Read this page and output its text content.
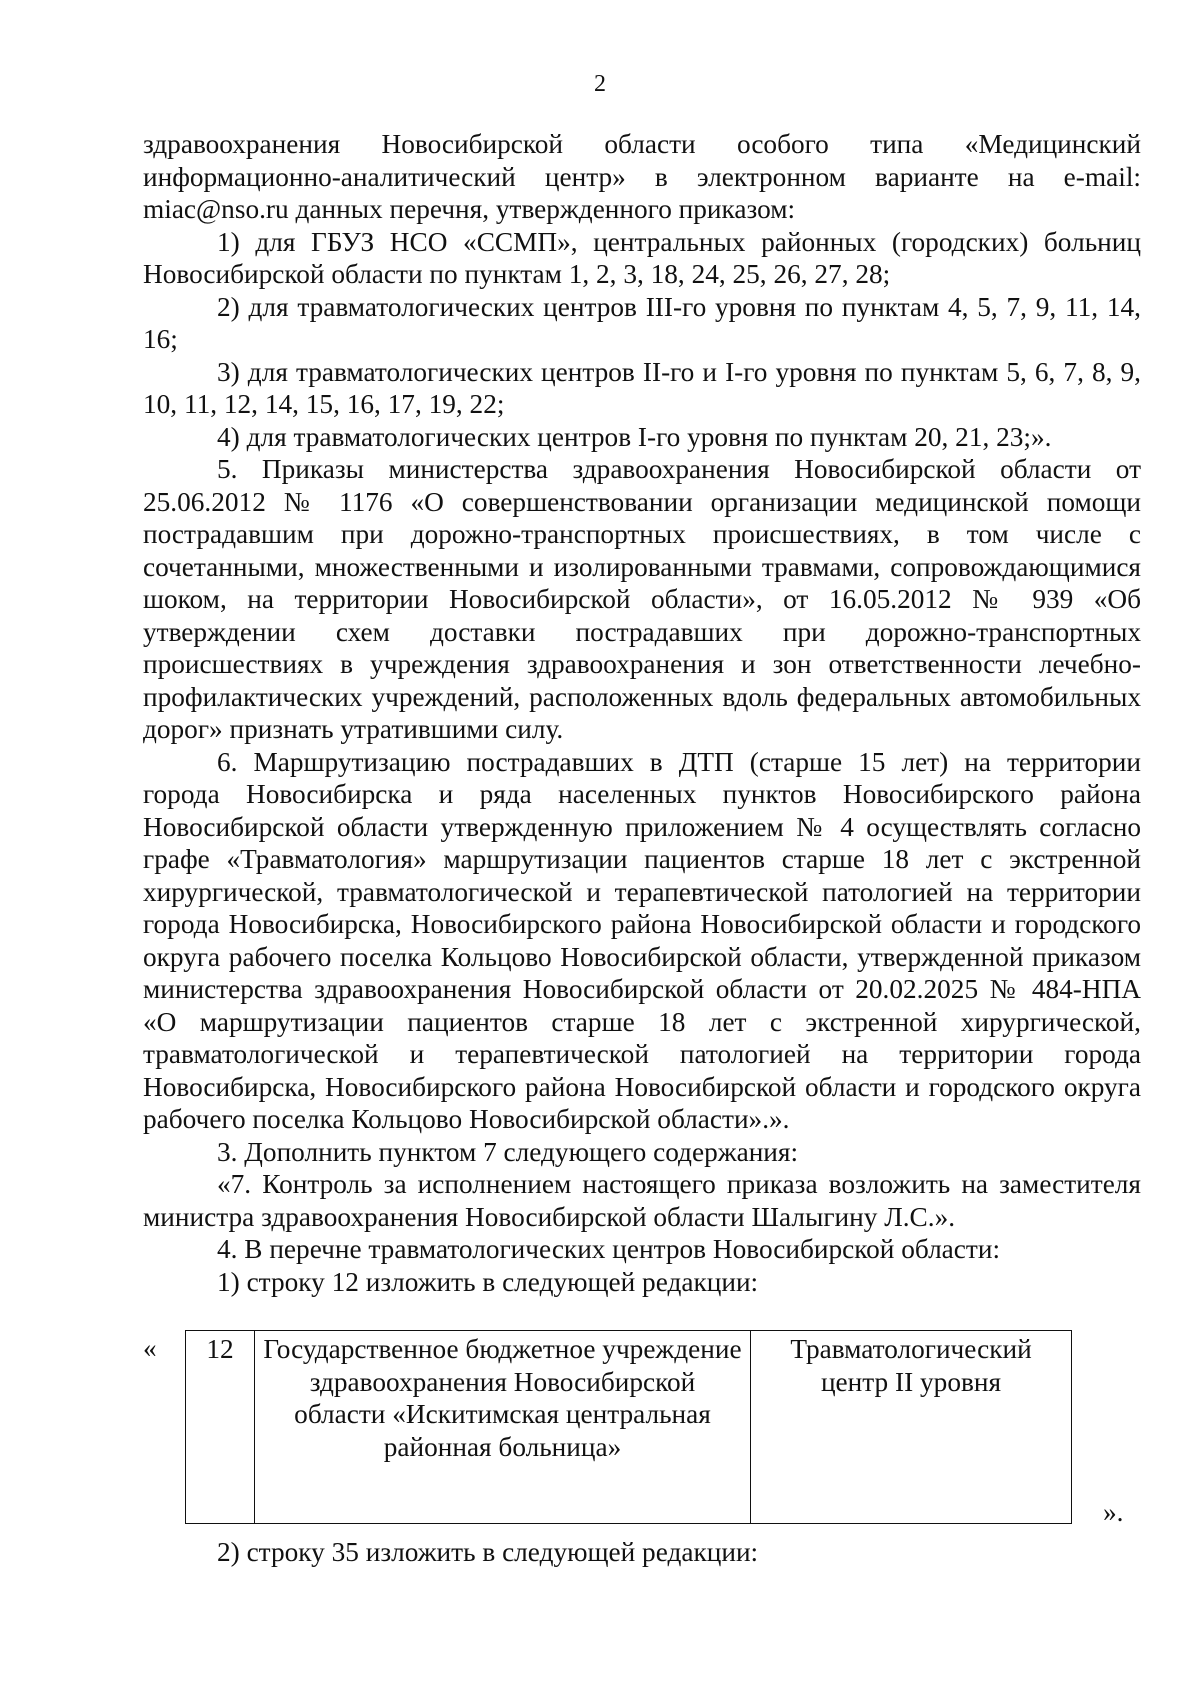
2

здравоохранения Новосибирской области особого типа «Медицинский информационно-аналитический центр» в электронном варианте на e-mail: miac@nso.ru данных перечня, утвержденного приказом:

1) для ГБУЗ НСО «ССМП», центральных районных (городских) больниц Новосибирской области по пунктам 1, 2, 3, 18, 24, 25, 26, 27, 28;

2) для травматологических центров III-го уровня по пунктам 4, 5, 7, 9, 11, 14, 16;

3) для травматологических центров II-го и I-го уровня по пунктам 5, 6, 7, 8, 9, 10, 11, 12, 14, 15, 16, 17, 19, 22;

4) для травматологических центров I-го уровня по пунктам 20, 21, 23;».

5. Приказы министерства здравоохранения Новосибирской области от 25.06.2012 № 1176 «О совершенствовании организации медицинской помощи пострадавшим при дорожно-транспортных происшествиях, в том числе с сочетанными, множественными и изолированными травмами, сопровождающимися шоком, на территории Новосибирской области», от 16.05.2012 № 939 «Об утверждении схем доставки пострадавших при дорожно-транспортных происшествиях в учреждения здравоохранения и зон ответственности лечебно-профилактических учреждений, расположенных вдоль федеральных автомобильных дорог» признать утратившими силу.

6. Маршрутизацию пострадавших в ДТП (старше 15 лет) на территории города Новосибирска и ряда населенных пунктов Новосибирского района Новосибирской области утвержденную приложением № 4 осуществлять согласно графе «Травматология» маршрутизации пациентов старше 18 лет с экстренной хирургической, травматологической и терапевтической патологией на территории города Новосибирска, Новосибирского района Новосибирской области и городского округа рабочего поселка Кольцово Новосибирской области, утвержденной приказом министерства здравоохранения Новосибирской области от 20.02.2025 № 484-НПА «О маршрутизации пациентов старше 18 лет с экстренной хирургической, травматологической и терапевтической патологией на территории города Новосибирска, Новосибирского района Новосибирской области и городского округа рабочего поселка Кольцово Новосибирской области».».

3. Дополнить пунктом 7 следующего содержания:

«7. Контроль за исполнением настоящего приказа возложить на заместителя министра здравоохранения Новосибирской области Шалыгину Л.С.».

4. В перечне травматологических центров Новосибирской области:

1) строку 12 изложить в следующей редакции:

« 12	Государственное бюджетное учреждение здравоохранения Новосибирской области «Искитимская центральная районная больница»	Травматологический центр II уровня
».
2) строку 35 изложить в следующей редакции:
